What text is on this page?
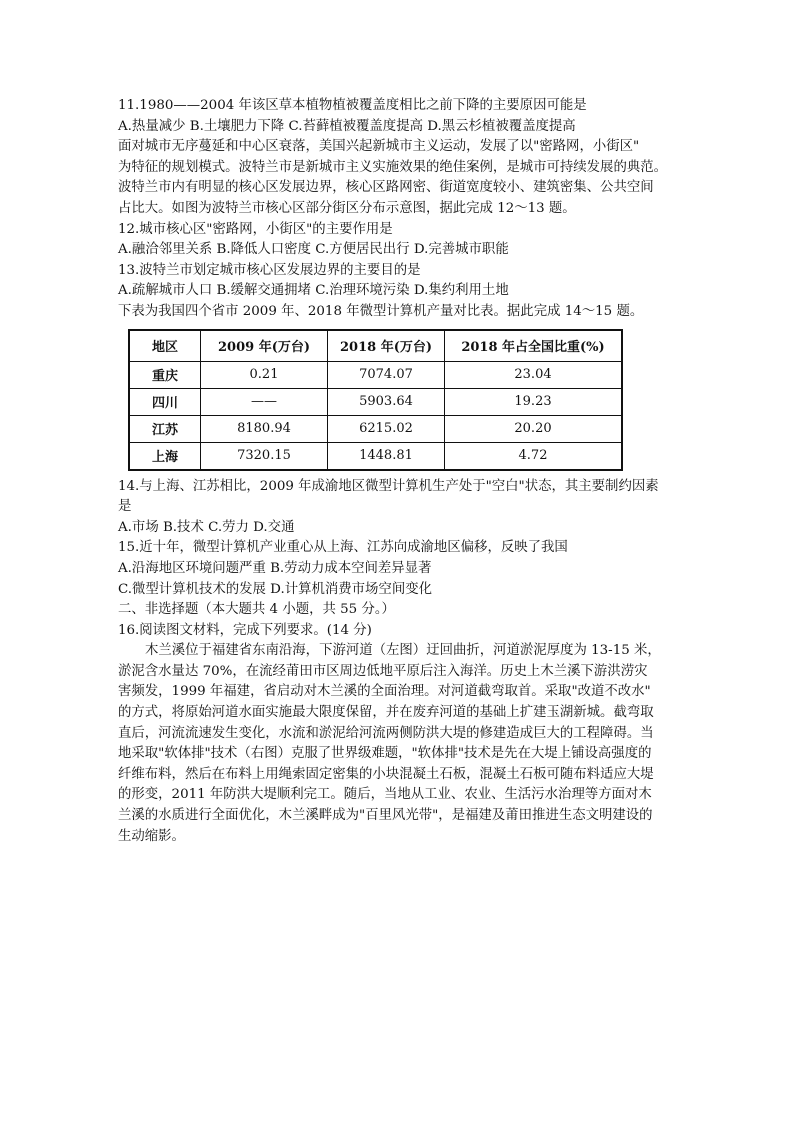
11.1980——2004 年该区草本植物植被覆盖度相比之前下降的主要原因可能是
A.热量减少 B.土壤肥力下降 C.苔藓植被覆盖度提高 D.黑云杉植被覆盖度提高
面对城市无序蔓延和中心区衰落，美国兴起新城市主义运动，发展了以"密路网，小街区"
为特征的规划模式。波特兰市是新城市主义实施效果的绝佳案例，是城市可持续发展的典范。
波特兰市内有明显的核心区发展边界，核心区路网密、街道宽度较小、建筑密集、公共空间
占比大。如图为波特兰市核心区部分街区分布示意图，据此完成 12～13 题。
12.城市核心区"密路网，小街区"的主要作用是
A.融洽邻里关系 B.降低人口密度 C.方便居民出行 D.完善城市职能
13.波特兰市划定城市核心区发展边界的主要目的是
A.疏解城市人口 B.缓解交通拥堵 C.治理环境污染 D.集约利用土地
下表为我国四个省市 2009 年、2018 年微型计算机产量对比表。据此完成 14～15 题。
地区	2009 年(万台)	2018 年(万台)	2018 年占全国比重(%)
重庆	0.21	7074.07	23.04
四川	——	5903.64	19.23
江苏	8180.94	6215.02	20.20
上海	7320.15	1448.81	4.72
14.与上海、江苏相比，2009 年成渝地区微型计算机生产处于"空白"状态，其主要制约因素
是
A.市场 B.技术 C.劳力 D.交通
15.近十年，微型计算机产业重心从上海、江苏向成渝地区偏移，反映了我国
A.沿海地区环境问题严重 B.劳动力成本空间差异显著
C.微型计算机技术的发展 D.计算机消费市场空间变化
二、非选择题（本大题共 4 小题，共 55 分。）
16.阅读图文材料，完成下列要求。(14 分)
木兰溪位于福建省东南沿海，下游河道（左图）迂回曲折，河道淤泥厚度为 13-15 米，
淤泥含水量达 70%，在流经莆田市区周边低地平原后注入海洋。历史上木兰溪下游洪涝灾
害频发，1999 年福建，省启动对木兰溪的全面治理。对河道截弯取首。采取"改道不改水"
的方式，将原始河道水面实施最大限度保留，并在废弃河道的基础上扩建玉湖新城。截弯取
直后，河流流速发生变化，水流和淤泥给河流两侧防洪大堤的修建造成巨大的工程障碍。当
地采取"软体排"技术（右图）克服了世界级难题，"软体排"技术是先在大堤上铺设高强度的
纤维布料，然后在布料上用绳索固定密集的小块混凝土石板，混凝土石板可随布料适应大堤
的形变，2011 年防洪大堤顺利完工。随后，当地从工业、农业、生活污水治理等方面对木
兰溪的水质进行全面优化，木兰溪畔成为"百里风光带"，是福建及莆田推进生态文明建设的
生动缩影。
